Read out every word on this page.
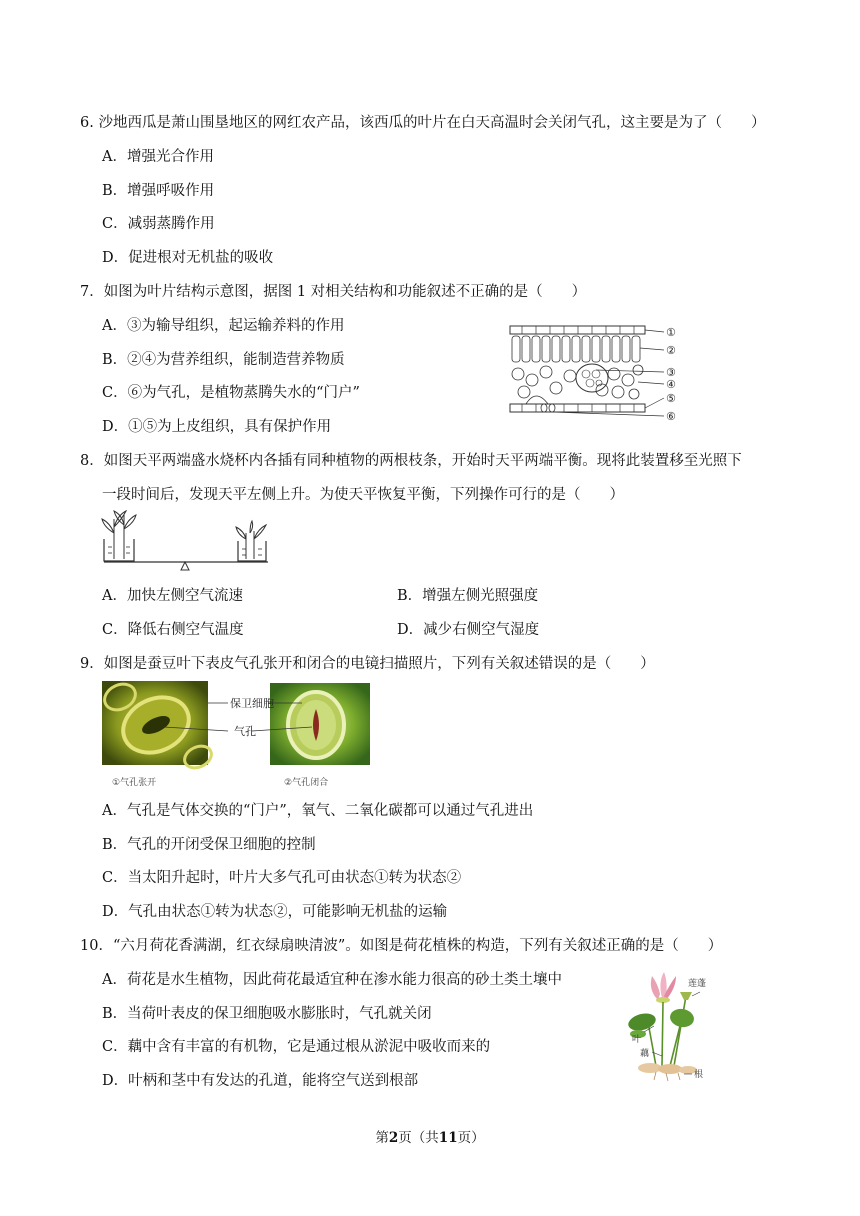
6. 沙地西瓜是萧山围垦地区的网红农产品，该西瓜的叶片在白天高温时会关闭气孔，这主要是为了（　　）
A．增强光合作用
B．增强呼吸作用
C．减弱蒸腾作用
D．促进根对无机盐的吸收
7．如图为叶片结构示意图，据图 1 对相关结构和功能叙述不正确的是（　　）
A．③为输导组织，起运输养料的作用
B．②④为营养组织，能制造营养物质
C．⑥为气孔，是植物蒸腾失水的“门户”
D．①⑤为上皮组织，具有保护作用
①
②
③
④
⑤
⑥
8．如图天平两端盛水烧杯内各插有同种植物的两根枝条，开始时天平两端平衡。现将此装置移至光照下
一段时间后，发现天平左侧上升。为使天平恢复平衡，下列操作可行的是（　　）
A．加快左侧空气流速	B．增强左侧光照强度
C．降低右侧空气温度	D．减少右侧空气湿度
9．如图是蚕豆叶下表皮气孔张开和闭合的电镜扫描照片，下列有关叙述错误的是（　　）
保卫细胞
气孔
①气孔张开	②气孔闭合
A．气孔是气体交换的“门户”，氧气、二氧化碳都可以通过气孔进出
B．气孔的开闭受保卫细胞的控制
C．当太阳升起时，叶片大多气孔可由状态①转为状态②
D．气孔由状态①转为状态②，可能影响无机盐的运输
10．“六月荷花香满湖，红衣绿扇映清波”。如图是荷花植株的构造，下列有关叙述正确的是（　　）
A．荷花是水生植物，因此荷花最适宜种在渗水能力很高的砂土类土壤中
B．当荷叶表皮的保卫细胞吸水膨胀时，气孔就关闭
C．藕中含有丰富的有机物，它是通过根从淤泥中吸收而来的
D．叶柄和茎中有发达的孔道，能将空气送到根部
莲蓬
叶
藕
根
第2页（共11页）
